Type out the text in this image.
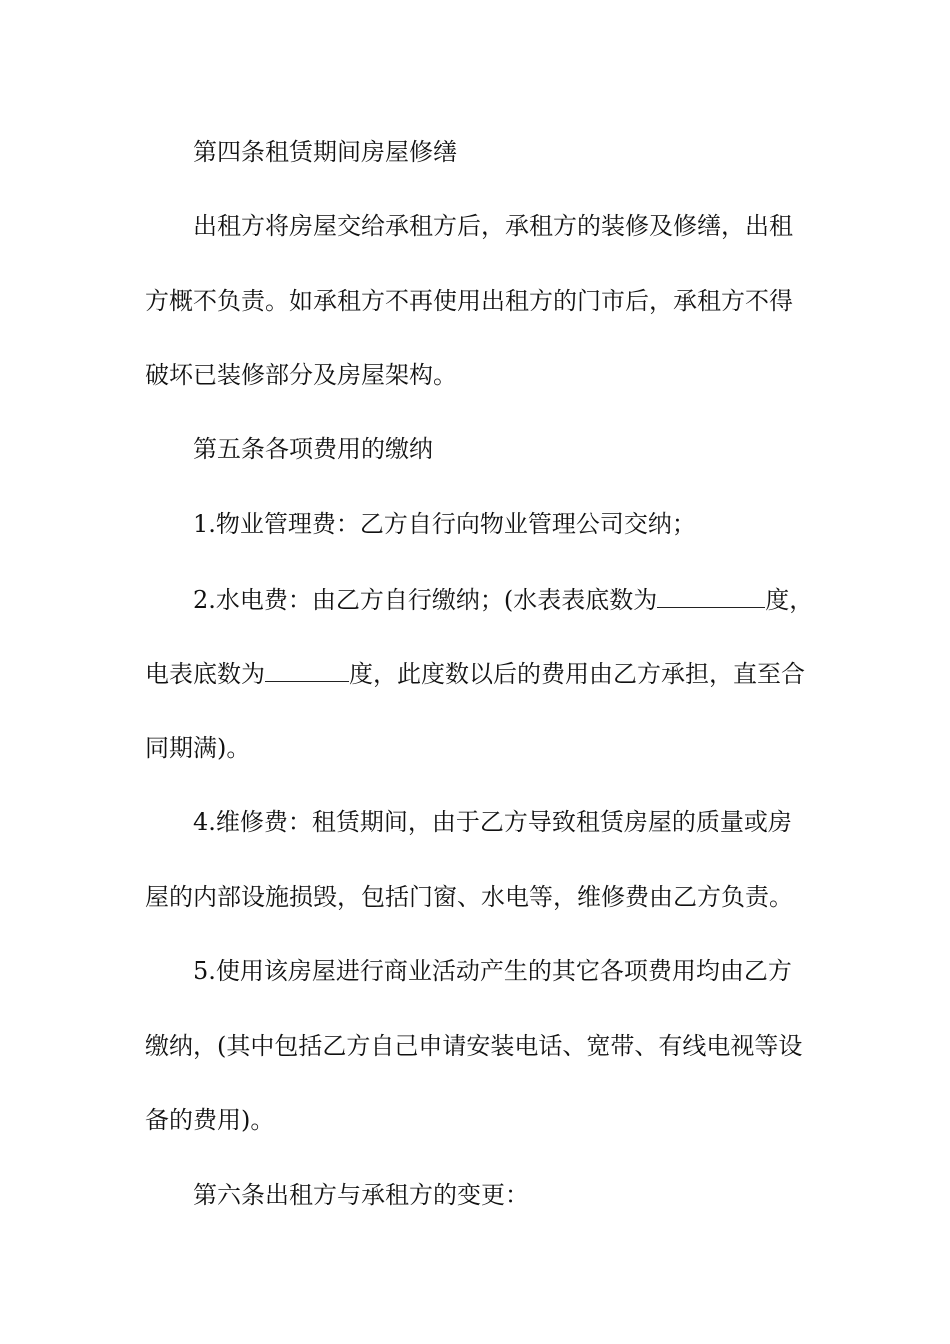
第四条租赁期间房屋修缮

出租方将房屋交给承租方后，承租方的装修及修缮，出租

方概不负责。如承租方不再使用出租方的门市后，承租方不得

破坏已装修部分及房屋架构。

第五条各项费用的缴纳

1.物业管理费：乙方自行向物业管理公司交纳；

2.水电费：由乙方自行缴纳；(水表表底数为	度，

电表底数为	度，此度数以后的费用由乙方承担，直至合

同期满)。

4.维修费：租赁期间，由于乙方导致租赁房屋的质量或房

屋的内部设施损毁，包括门窗、水电等，维修费由乙方负责。

5.使用该房屋进行商业活动产生的其它各项费用均由乙方

缴纳，(其中包括乙方自己申请安装电话、宽带、有线电视等设

备的费用)。

第六条出租方与承租方的变更：
